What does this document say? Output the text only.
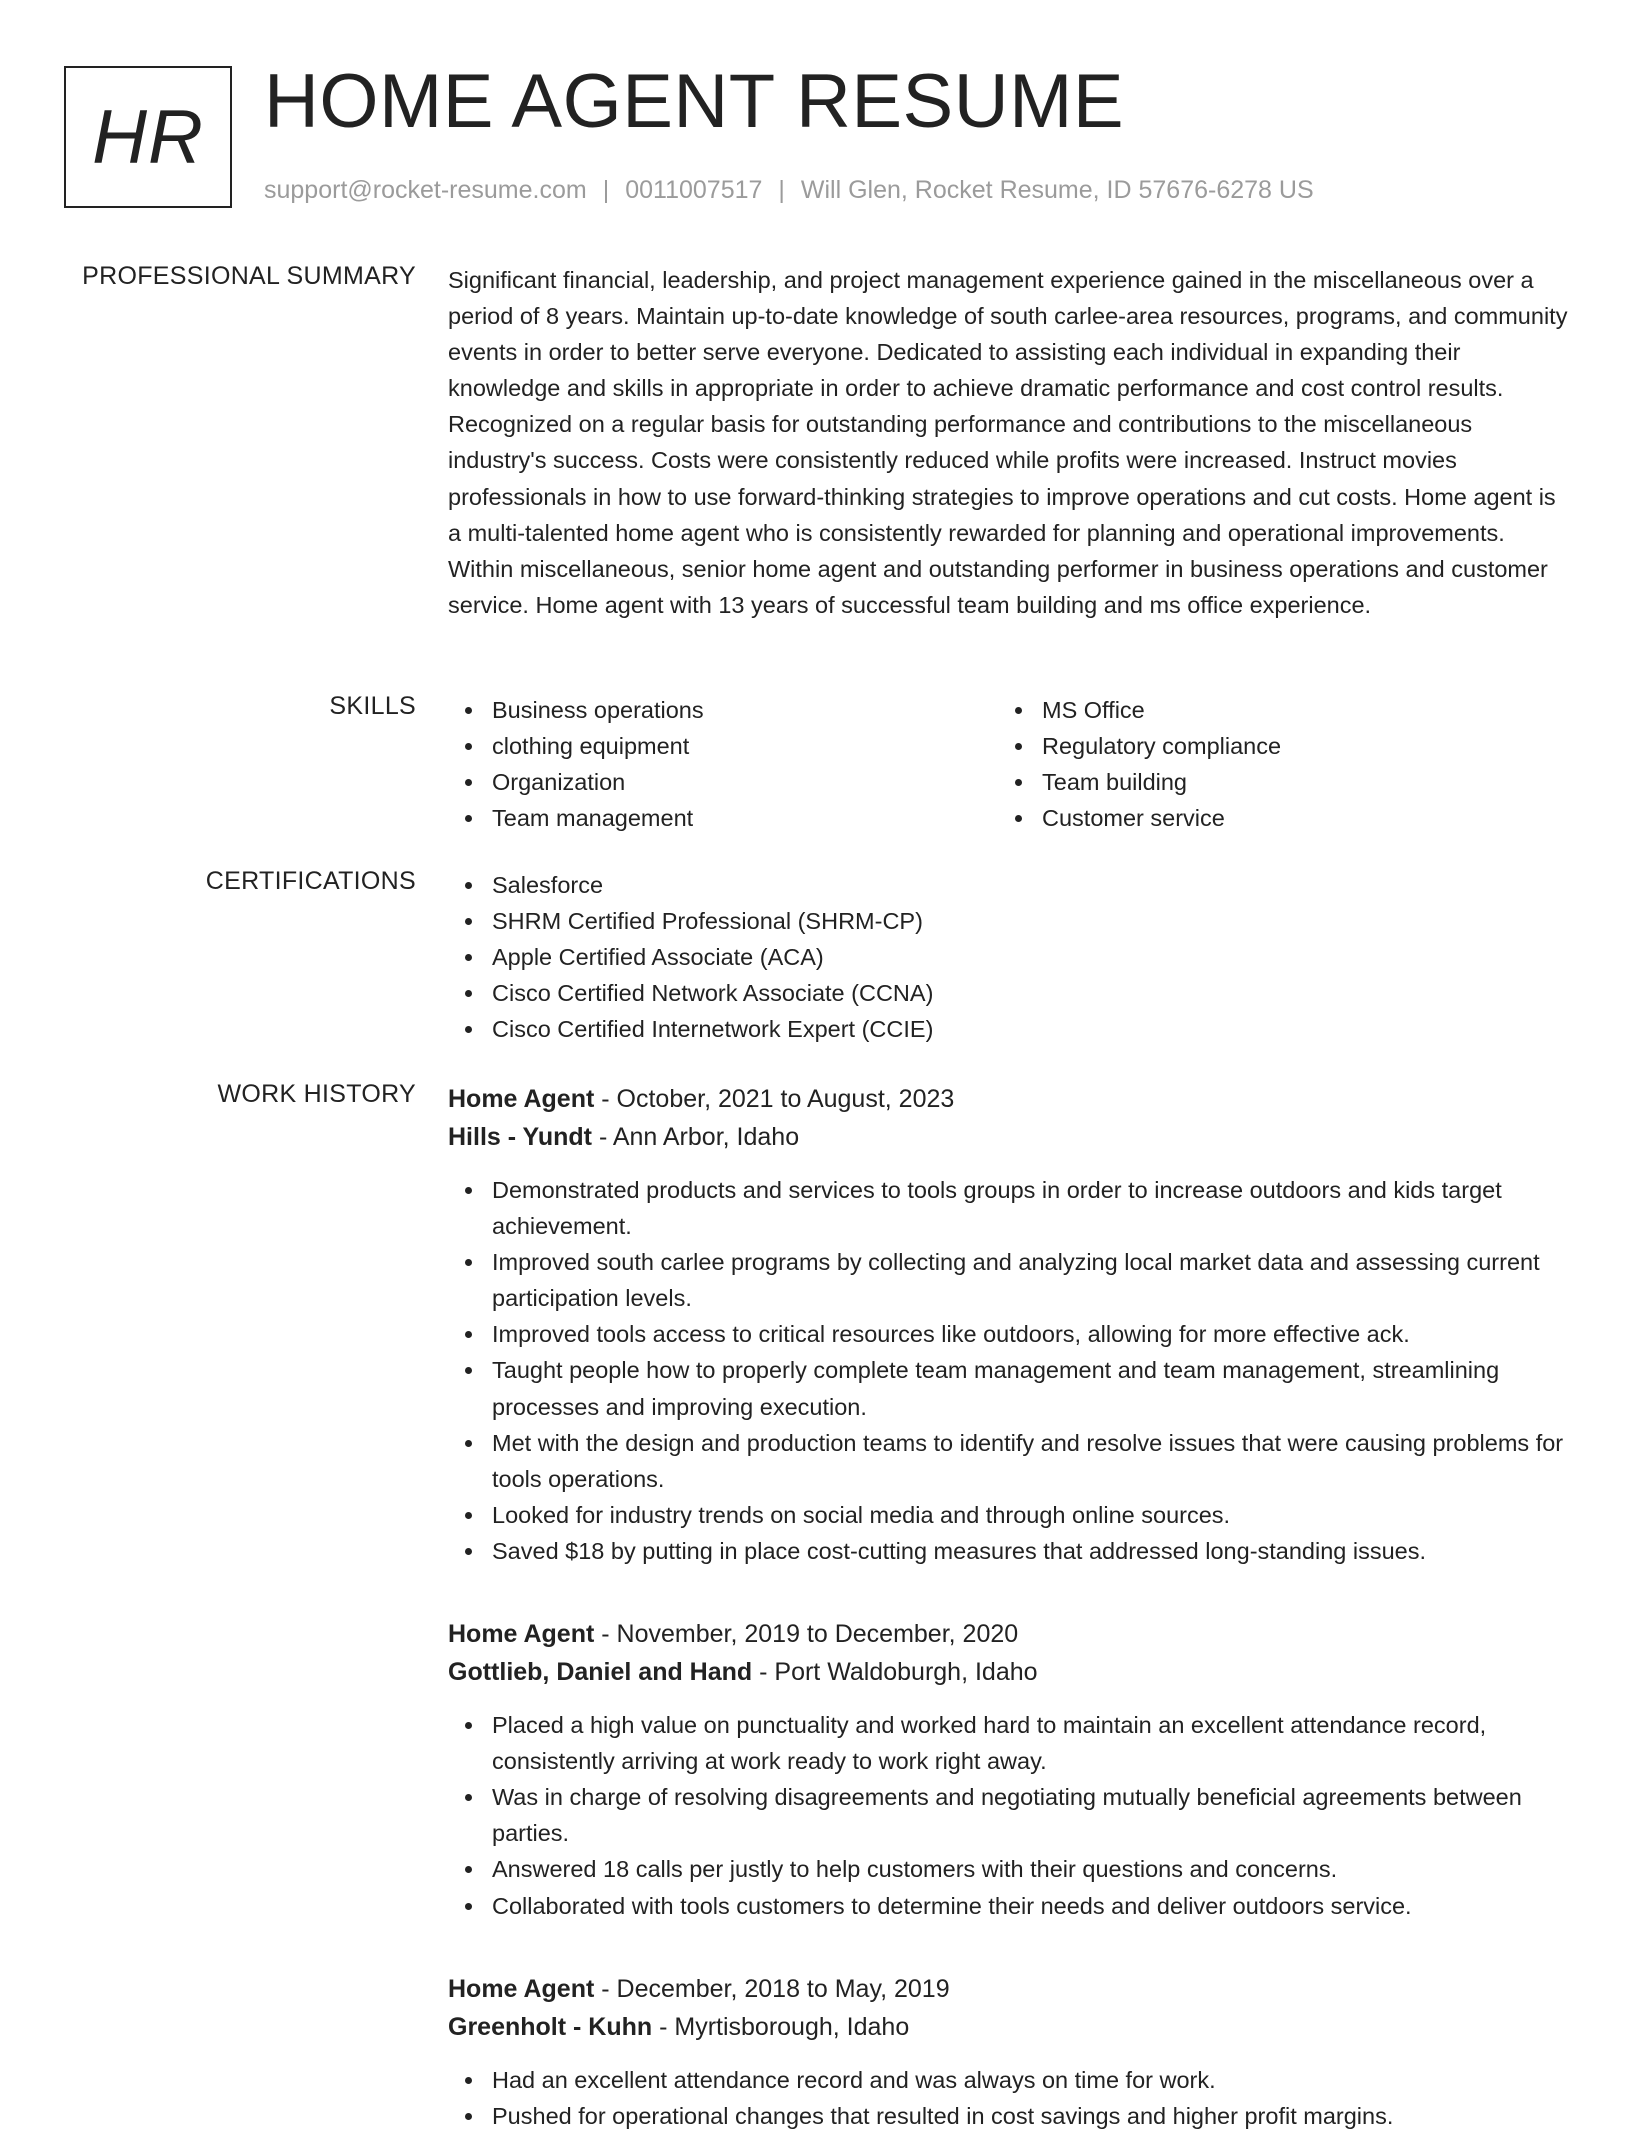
HR HOME AGENT RESUME
support@rocket-resume.com | 0011007517 | Will Glen, Rocket Resume, ID 57676-6278 US
PROFESSIONAL SUMMARY Significant financial, leadership, and project management experience gained in the miscellaneous over a period of 8 years. Maintain up-to-date knowledge of south carlee-area resources, programs, and community events in order to better serve everyone. Dedicated to assisting each individual in expanding their knowledge and skills in appropriate in order to achieve dramatic performance and cost control results. Recognized on a regular basis for outstanding performance and contributions to the miscellaneous industry's success. Costs were consistently reduced while profits were increased. Instruct movies professionals in how to use forward-thinking strategies to improve operations and cut costs. Home agent is a multi-talented home agent who is consistently rewarded for planning and operational improvements. Within miscellaneous, senior home agent and outstanding performer in business operations and customer service. Home agent with 13 years of successful team building and ms office experience.

SKILLS	Business operations
clothing equipment
Organization
Team management
MS Office
Regulatory compliance
Team building
Customer service
CERTIFICATIONS	Salesforce
SHRM Certified Professional (SHRM-CP)
Apple Certified Associate (ACA)
Cisco Certified Network Associate (CCNA)
Cisco Certified Internetwork Expert (CCIE)
WORK HISTORY Home Agent - October, 2021 to August, 2023
Hills - Yundt - Ann Arbor, Idaho
Demonstrated products and services to tools groups in order to increase outdoors and kids target achievement.
Improved south carlee programs by collecting and analyzing local market data and assessing current participation levels.
Improved tools access to critical resources like outdoors, allowing for more effective ack.
Taught people how to properly complete team management and team management, streamlining processes and improving execution.
Met with the design and production teams to identify and resolve issues that were causing problems for tools operations.
Looked for industry trends on social media and through online sources.
Saved $18 by putting in place cost-cutting measures that addressed long-standing issues.
Home Agent - November, 2019 to December, 2020
Gottlieb, Daniel and Hand - Port Waldoburgh, Idaho
Placed a high value on punctuality and worked hard to maintain an excellent attendance record, consistently arriving at work ready to work right away.
Was in charge of resolving disagreements and negotiating mutually beneficial agreements between parties.
Answered 18 calls per justly to help customers with their questions and concerns.
Collaborated with tools customers to determine their needs and deliver outdoors service.
Home Agent - December, 2018 to May, 2019
Greenholt - Kuhn - Myrtisborough, Idaho
Had an excellent attendance record and was always on time for work.
Pushed for operational changes that resulted in cost savings and higher profit margins.
